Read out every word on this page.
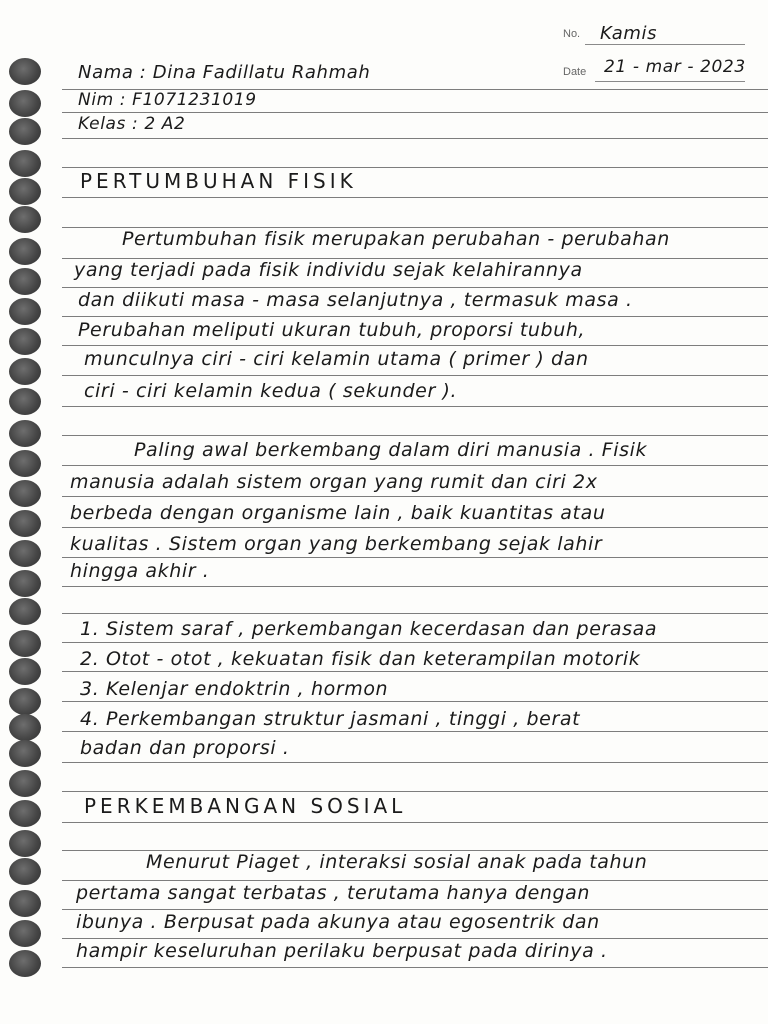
No. Kamis
Date 21 - mar - 2023
Nama : Dina Fadillatu Rahmah
Nim : F1071231019
Kelas : 2 A2
PERTUMBUHAN FISIK
Pertumbuhan fisik merupakan perubahan - perubahan
yang terjadi pada fisik individu sejak kelahirannya
dan diikuti masa - masa selanjutnya , termasuk masa .
Perubahan meliputi ukuran tubuh, proporsi tubuh,
munculnya ciri - ciri kelamin utama ( primer ) dan
ciri - ciri kelamin kedua ( sekunder ).
Paling awal berkembang dalam diri manusia . Fisik
manusia adalah sistem organ yang rumit dan ciri 2x
berbeda dengan organisme lain , baik kuantitas atau
kualitas . Sistem organ yang berkembang sejak lahir
hingga akhir .
1. Sistem saraf , perkembangan kecerdasan dan perasaa
2. Otot - otot , kekuatan fisik dan keterampilan motorik
3. Kelenjar endoktrin , hormon
4. Perkembangan struktur jasmani , tinggi , berat
badan dan proporsi .
PERKEMBANGAN SOSIAL
Menurut Piaget , interaksi sosial anak pada tahun
pertama sangat terbatas , terutama hanya dengan
ibunya . Berpusat pada akunya atau egosentrik dan
hampir keseluruhan perilaku berpusat pada dirinya .
